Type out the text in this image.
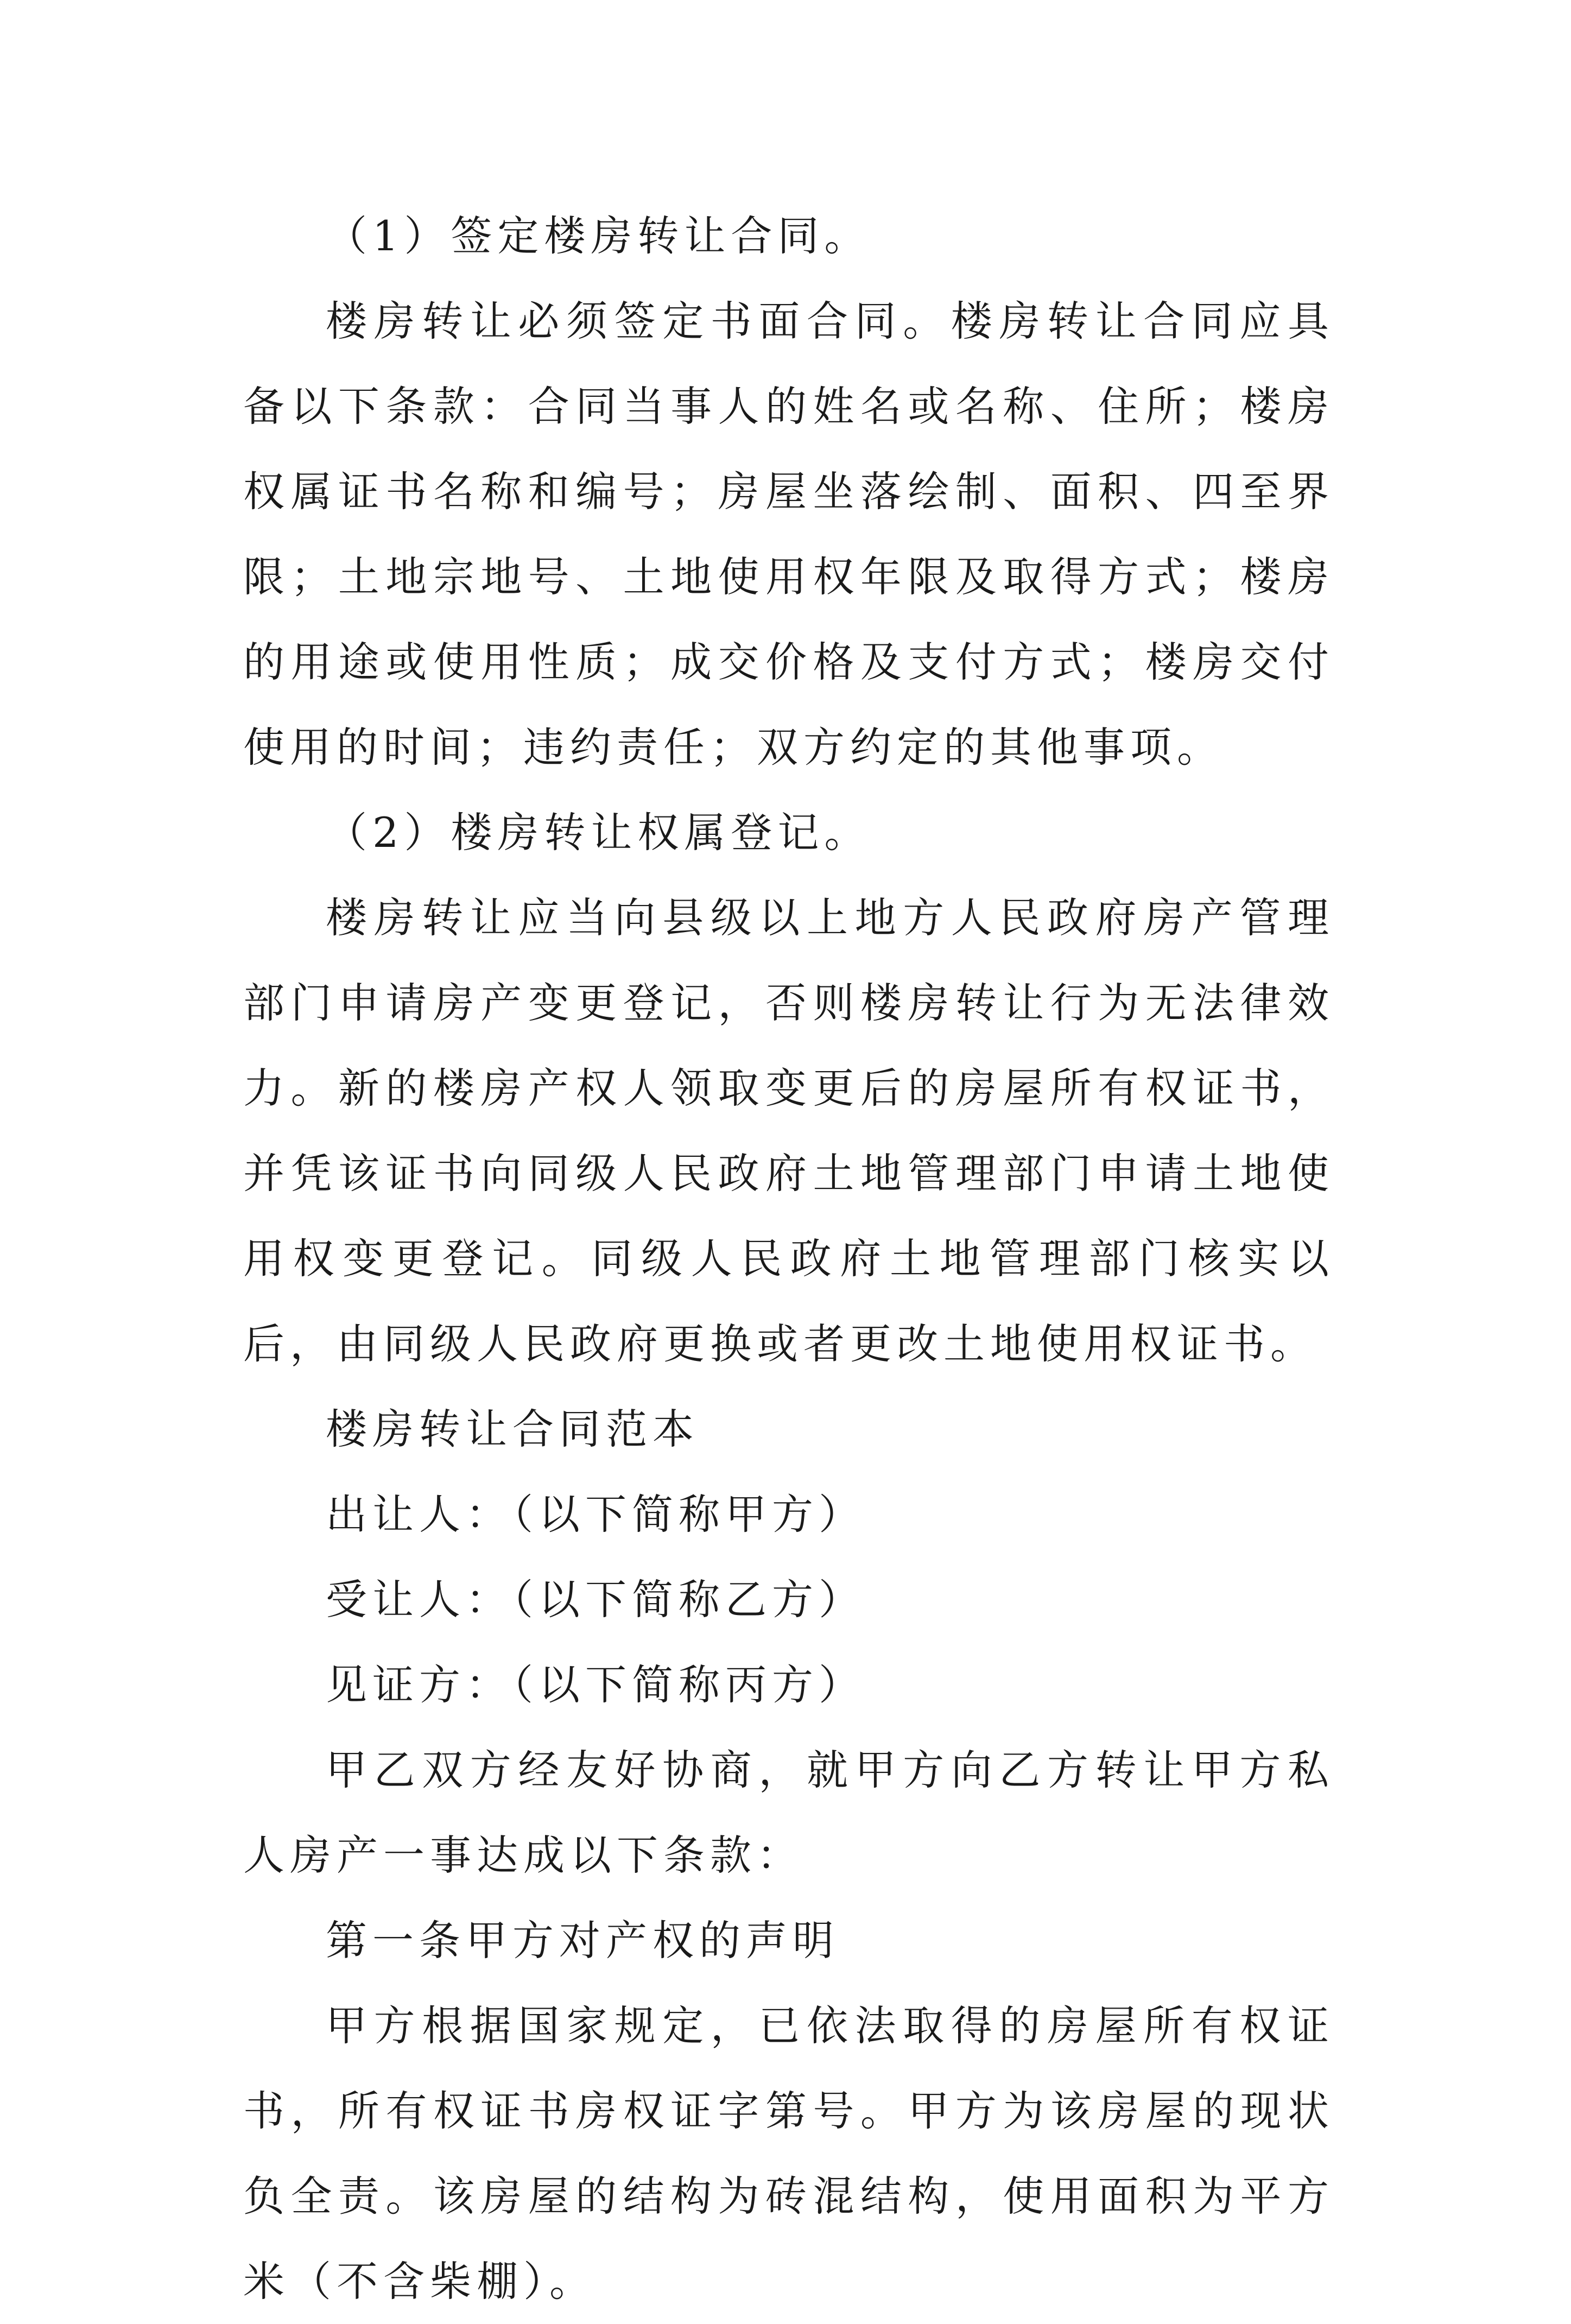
（1）签定楼房转让合同。

楼房转让必须签定书面合同。楼房转让合同应具备以下条款：合同当事人的姓名或名称、住所；楼房权属证书名称和编号；房屋坐落绘制、面积、四至界限；土地宗地号、土地使用权年限及取得方式；楼房的用途或使用性质；成交价格及支付方式；楼房交付使用的时间；违约责任；双方约定的其他事项。

（2）楼房转让权属登记。

楼房转让应当向县级以上地方人民政府房产管理部门申请房产变更登记，否则楼房转让行为无法律效力。新的楼房产权人领取变更后的房屋所有权证书，并凭该证书向同级人民政府土地管理部门申请土地使用权变更登记。同级人民政府土地管理部门核实以后，由同级人民政府更换或者更改土地使用权证书。

楼房转让合同范本

出让人：（以下简称甲方）

受让人：（以下简称乙方）

见证方：（以下简称丙方）

甲乙双方经友好协商，就甲方向乙方转让甲方私人房产一事达成以下条款：

第一条甲方对产权的声明

甲方根据国家规定，已依法取得的房屋所有权证书，所有权证书房权证字第号。甲方为该房屋的现状负全责。该房屋的结构为砖混结构，使用面积为平方米（不含柴棚）。
